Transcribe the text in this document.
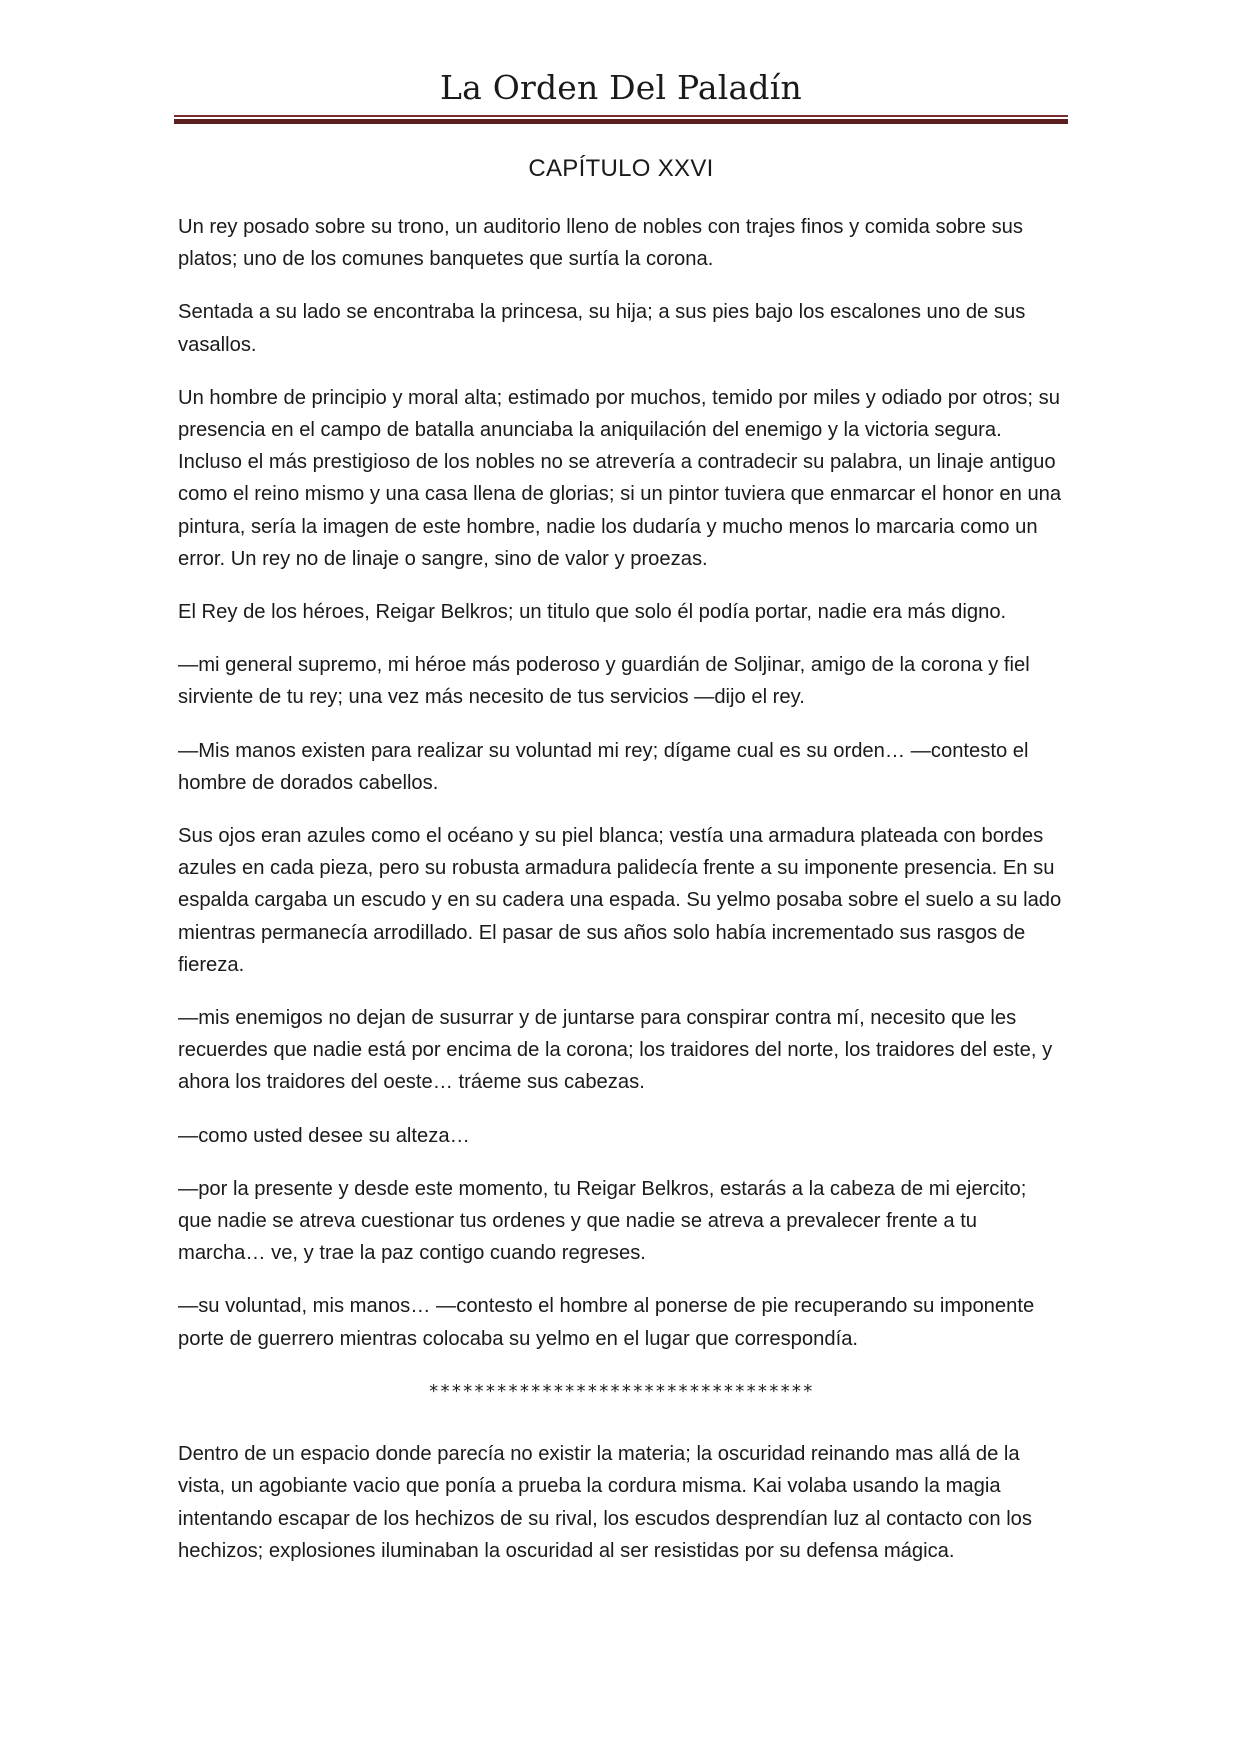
La Orden Del Paladín
CAPÍTULO XXVI

Un rey posado sobre su trono, un auditorio lleno de nobles con trajes finos y comida sobre sus platos; uno de los comunes banquetes que surtía la corona.

Sentada a su lado se encontraba la princesa, su hija; a sus pies bajo los escalones uno de sus vasallos.

Un hombre de principio y moral alta; estimado por muchos, temido por miles y odiado por otros; su presencia en el campo de batalla anunciaba la aniquilación del enemigo y la victoria segura. Incluso el más prestigioso de los nobles no se atrevería a contradecir su palabra, un linaje antiguo como el reino mismo y una casa llena de glorias; si un pintor tuviera que enmarcar el honor en una pintura, sería la imagen de este hombre, nadie los dudaría y mucho menos lo marcaria como un error. Un rey no de linaje o sangre, sino de valor y proezas.

El Rey de los héroes, Reigar Belkros; un titulo que solo él podía portar, nadie era más digno.

—mi general supremo, mi héroe más poderoso y guardián de Soljinar, amigo de la corona y fiel sirviente de tu rey; una vez más necesito de tus servicios —dijo el rey.

—Mis manos existen para realizar su voluntad mi rey; dígame cual es su orden… —contesto el hombre de dorados cabellos.

Sus ojos eran azules como el océano y su piel blanca; vestía una armadura plateada con bordes azules en cada pieza, pero su robusta armadura palidecía frente a su imponente presencia. En su espalda cargaba un escudo y en su cadera una espada. Su yelmo posaba sobre el suelo a su lado mientras permanecía arrodillado. El pasar de sus años solo había incrementado sus rasgos de fiereza.

—mis enemigos no dejan de susurrar y de juntarse para conspirar contra mí, necesito que les recuerdes que nadie está por encima de la corona; los traidores del norte, los traidores del este, y ahora los traidores del oeste… tráeme sus cabezas.

—como usted desee su alteza…

—por la presente y desde este momento, tu Reigar Belkros, estarás a la cabeza de mi ejercito; que nadie se atreva cuestionar tus ordenes y que nadie se atreva a prevalecer frente a tu marcha… ve, y trae la paz contigo cuando regreses.

—su voluntad, mis manos… —contesto el hombre al ponerse de pie recuperando su imponente porte de guerrero mientras colocaba su yelmo en el lugar que correspondía.

**********************************

Dentro de un espacio donde parecía no existir la materia; la oscuridad reinando mas allá de la vista, un agobiante vacio que ponía a prueba la cordura misma. Kai volaba usando la magia intentando escapar de los hechizos de su rival, los escudos desprendían luz al contacto con los hechizos; explosiones iluminaban la oscuridad al ser resistidas por su defensa mágica.
